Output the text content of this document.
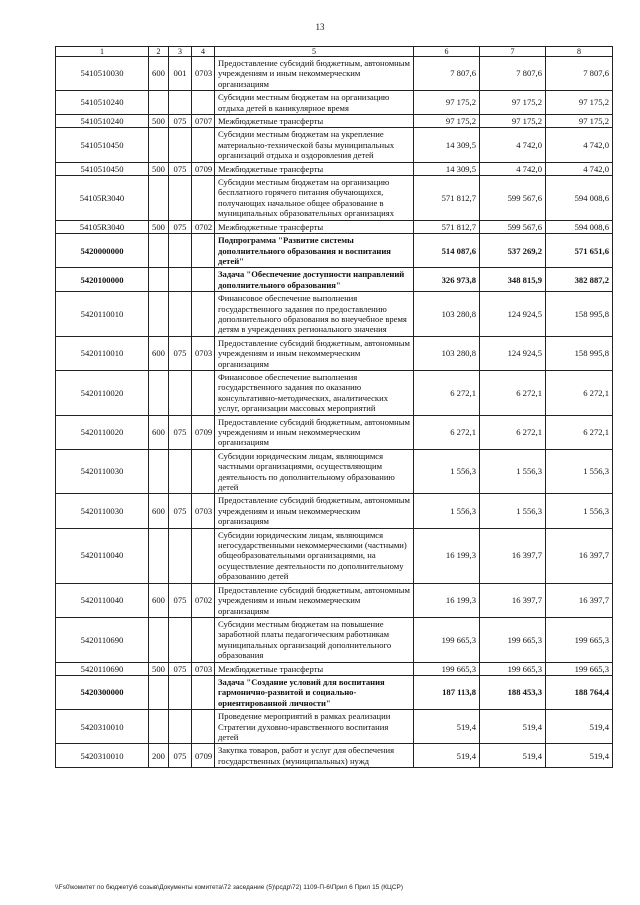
13
1	2	3	4	5	6	7	8
5410510030	600	001	0703	Предоставление субсидий бюджетным, автономным учреждениям и иным некоммерческим организациям	7 807,6	7 807,6	7 807,6
5410510240				Субсидии местным бюджетам на организацию отдыха детей в каникулярное время	97 175,2	97 175,2	97 175,2
5410510240	500	075	0707	Межбюджетные трансферты	97 175,2	97 175,2	97 175,2
5410510450				Субсидии местным бюджетам на укрепление материально-технической базы муниципальных организаций отдыха и оздоровления детей	14 309,5	4 742,0	4 742,0
5410510450	500	075	0709	Межбюджетные трансферты	14 309,5	4 742,0	4 742,0
54105R3040				Субсидии местным бюджетам на организацию бесплатного горячего питания обучающихся, получающих начальное общее образование в муниципальных образовательных организациях	571 812,7	599 567,6	594 008,6
54105R3040	500	075	0702	Межбюджетные трансферты	571 812,7	599 567,6	594 008,6
5420000000				Подпрограмма "Развитие системы дополнительного образования и воспитания детей"	514 087,6	537 269,2	571 651,6
5420100000				Задача "Обеспечение доступности направлений дополнительного образования"	326 973,8	348 815,9	382 887,2
5420110010				Финансовое обеспечение выполнения государственного задания по предоставлению дополнительного образования во внеучебное время детям в учреждениях регионального значения	103 280,8	124 924,5	158 995,8
5420110010	600	075	0703	Предоставление субсидий бюджетным, автономным учреждениям и иным некоммерческим организациям	103 280,8	124 924,5	158 995,8
5420110020				Финансовое обеспечение выполнения государственного задания по оказанию консультативно-методических, аналитических услуг, организации массовых мероприятий	6 272,1	6 272,1	6 272,1
5420110020	600	075	0709	Предоставление субсидий бюджетным, автономным учреждениям и иным некоммерческим организациям	6 272,1	6 272,1	6 272,1
5420110030				Субсидии юридическим лицам, являющимся частными организациями, осуществляющим деятельность по дополнительному образованию детей	1 556,3	1 556,3	1 556,3
5420110030	600	075	0703	Предоставление субсидий бюджетным, автономным учреждениям и иным некоммерческим организациям	1 556,3	1 556,3	1 556,3
5420110040				Субсидии юридическим лицам, являющимся негосударственными некоммерческими (частными) общеобразовательными организациями, на осуществление деятельности по дополнительному образованию детей	16 199,3	16 397,7	16 397,7
5420110040	600	075	0702	Предоставление субсидий бюджетным, автономным учреждениям и иным некоммерческим организациям	16 199,3	16 397,7	16 397,7
5420110690				Субсидии местным бюджетам на повышение заработной платы педагогическим работникам муниципальных организаций дополнительного образования	199 665,3	199 665,3	199 665,3
5420110690	500	075	0703	Межбюджетные трансферты	199 665,3	199 665,3	199 665,3
5420300000				Задача "Создание условий для воспитания гармонично-развитой и социально-ориентированной личности"	187 113,8	188 453,3	188 764,4
5420310010				Проведение мероприятий в рамках реализации Стратегии духовно-нравственного воспитания детей	519,4	519,4	519,4
5420310010	200	075	0709	Закупка товаров, работ и услуг для обеспечения государственных (муниципальных) нужд	519,4	519,4	519,4
\\Fs0\комитет по бюджету\6 созыв\Документы комитета\72 заседание (5)\рсдр\72) 1109-П-6\Прил 6 Прил 15 (КЦСР)
